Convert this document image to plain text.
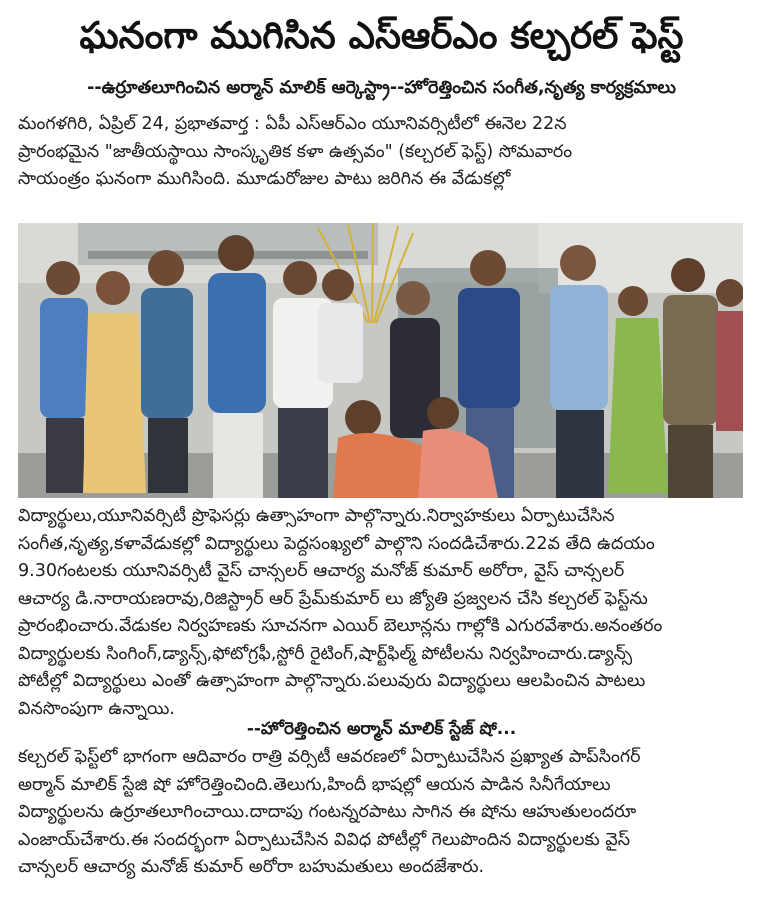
ఘనంగా ముగిసిన ఎస్ఆర్ఎం కల్చరల్ ఫెస్ట్
--ఉర్రూతలూగించిన అర్మాన్ మాలిక్ ఆర్కెస్ట్రా--హోరెత్తించిన సంగీత,నృత్య కార్యక్రమాలు
మంగళగిరి, ఏప్రిల్ 24, ప్రభాతవార్త : ఏపీ ఎస్ఆర్ఎం యూనివర్సిటీలో ఈనెల 22న
ప్రారంభమైన "జాతీయస్థాయి సాంస్కృతిక కళా ఉత్సవం" (కల్చరల్ ఫెస్ట్) సోమవారం
సాయంత్రం ఘనంగా ముగిసింది. మూడురోజుల పాటు జరిగిన ఈ వేడుకల్లో
విద్యార్థులు,యూనివర్సిటీ ప్రొఫెసర్లు ఉత్సాహంగా పాల్గొన్నారు.నిర్వాహకులు ఏర్పాటుచేసిన
సంగీత,నృత్య,కళావేడుకల్లో విద్యార్థులు పెద్దసంఖ్యలో పాల్గొని సందడిచేశారు.22వ తేది ఉదయం
9.30గంటలకు యూనివర్సిటీ వైస్ చాన్సలర్ ఆచార్య మనోజ్ కుమార్ అరోరా, వైస్ చాన్సలర్
ఆచార్య డి.నారాయణరావు,రిజిస్ట్రార్ ఆర్ ప్రేమ్‌కుమార్ లు జ్యోతి ప్రజ్వలన చేసి కల్చరల్ ఫెస్ట్‌ను
ప్రారంభించారు.వేడుకల నిర్వహణకు సూచనగా ఎయిర్ బెలూన్లను గాల్లోకి ఎగురవేశారు.అనంతరం
విద్యార్థులకు సింగింగ్,డ్యాన్స్,ఫోటోగ్రఫీ,స్టోరీ రైటింగ్,షార్ట్‌ఫిల్మ్ పోటీలను నిర్వహించారు.డ్యాన్స్
పోటీల్లో విద్యార్థులు ఎంతో ఉత్సాహంగా పాల్గొన్నారు.పలువురు విద్యార్థులు ఆలపించిన పాటలు
వినసొంపుగా ఉన్నాయి.
--హోరెత్తించిన అర్మాన్ మాలిక్ స్టేజ్ షో...
కల్చరల్ ఫెస్ట్‌లో భాగంగా ఆదివారం రాత్రి వర్సిటీ ఆవరణలో ఏర్పాటుచేసిన ప్రఖ్యాత పాప్‌సింగర్
అర్మాన్ మాలిక్ స్టేజి షో హోరెత్తించింది.తెలుగు,హిందీ భాషల్లో ఆయన పాడిన సినీగేయాలు
విద్యార్థులను ఉర్రూతలూగించాయి.దాదాపు గంటన్నరపాటు సాగిన ఈ షోను ఆహుతులందరూ
ఎంజాయ్‌చేశారు.ఈ సందర్భంగా ఏర్పాటుచేసిన వివిధ పోటీల్లో గెలుపొందిన విద్యార్థులకు వైస్
చాన్సలర్ ఆచార్య మనోజ్ కుమార్ అరోరా బహుమతులు అందజేశారు.
